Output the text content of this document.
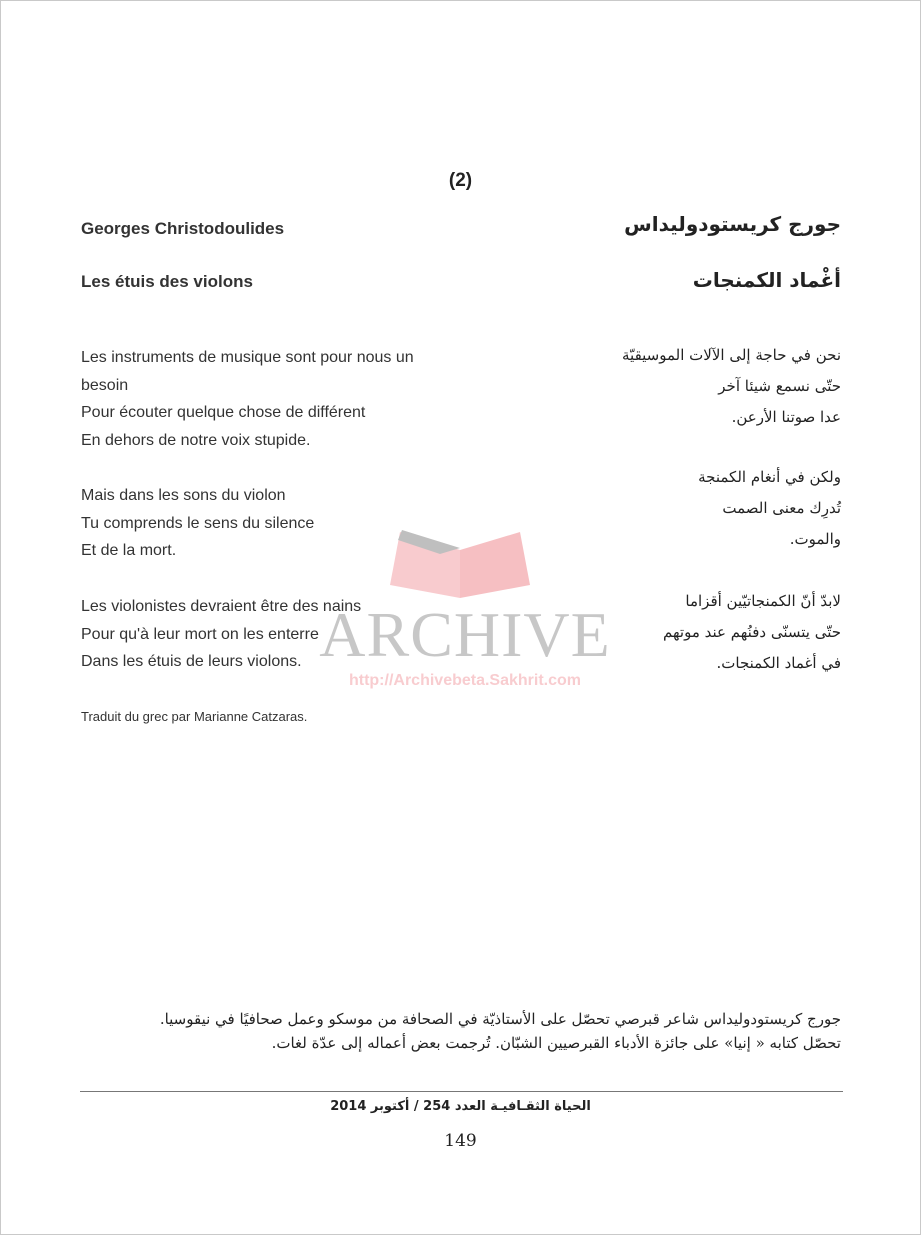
(2)
Georges Christodoulides
Les étuis des violons
جورج كريستودوليداس
أغْماد الكمنجات
Les instruments de musique sont pour nous un
besoin
Pour écouter quelque chose de différent
En dehors de notre voix stupide.
Mais dans les sons du violon
Tu comprends le sens du silence
Et de la mort.
Les violonistes devraient être des nains
Pour qu'à leur mort on les enterre
Dans les étuis de leurs violons.
نحن في حاجة إلى الآلات الموسيقيّة
حتّى نسمع شيئا آخر
عدا صوتنا الأرعن.
ولكن في أنغام الكمنجة
تُدرِك معنى الصمت
والموت.
لابدّ أنّ الكمنجاتيّين أقزاما
حتّى يتسنّى دفنُهم عند موتهم
في أغماد الكمنجات.
Traduit du grec par Marianne Catzaras.
ARCHIVE
http://Archivebeta.Sakhrit.com

جورج كريستودوليداس شاعر قبرصي تحصّل على الأستاذيّة في الصحافة من موسكو وعمل صحافيًا في نيقوسيا.

تحصّل كتابه « إنيا» على جائزة الأدباء القبرصيين الشبّان. تُرجمت بعض أعماله إلى عدّة لغات.

الحياة الثقـافيـة العدد 254 / أكتوبر 2014
149
